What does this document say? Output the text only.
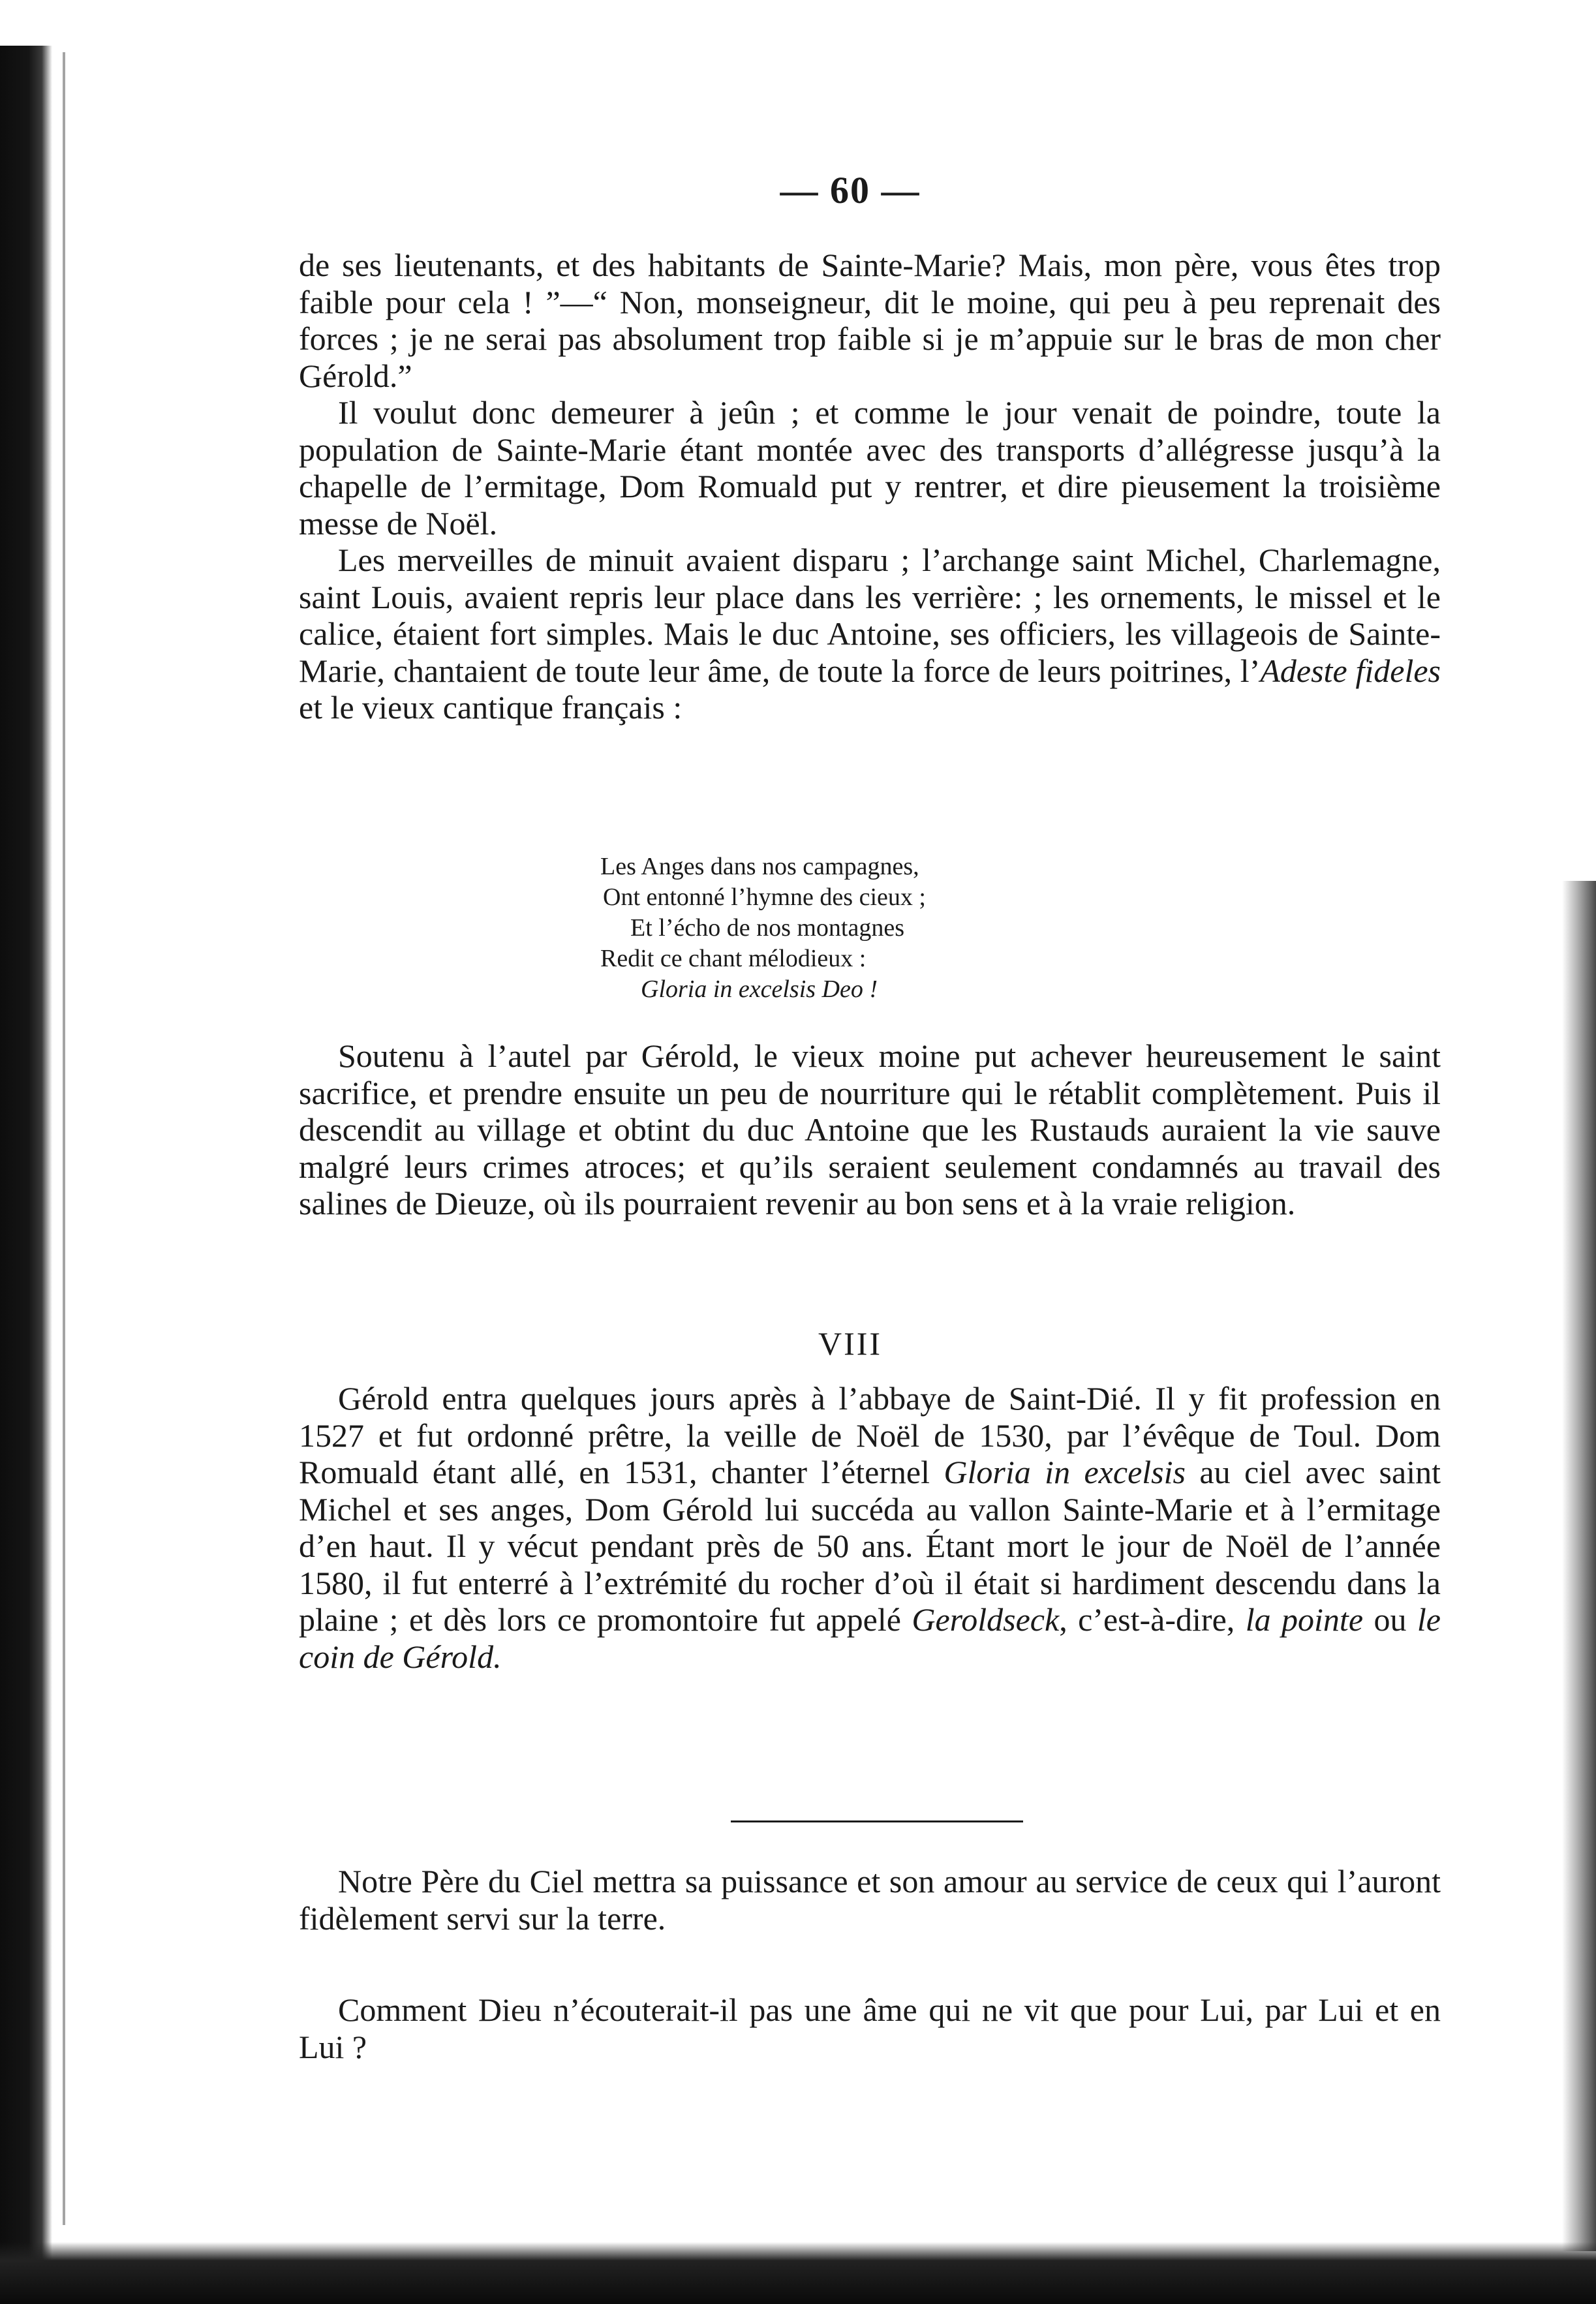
— 60 —

de ses lieutenants, et des habitants de Sainte-Marie? Mais, mon père, vous êtes trop faible pour cela ! ”—“ Non, monseigneur, dit le moine, qui peu à peu reprenait des forces ; je ne serai pas absolument trop faible si je m’appuie sur le bras de mon cher Gérold.”

Il voulut donc demeurer à jeûn ; et comme le jour venait de poindre, toute la population de Sainte-Marie étant montée avec des transports d’allégresse jusqu’à la chapelle de l’ermitage, Dom Romuald put y rentrer, et dire pieusement la troisième messe de Noël.

Les merveilles de minuit avaient disparu ; l’archange saint Michel, Charlemagne, saint Louis, avaient repris leur place dans les verrière: ; les ornements, le missel et le calice, étaient fort simples. Mais le duc Antoine, ses officiers, les villageois de Sainte-Marie, chantaient de toute leur âme, de toute la force de leurs poitrines, l’Adeste fideles et le vieux cantique français :

Les Anges dans nos campagnes,
Ont entonné l’hymne des cieux ;
Et l’écho de nos montagnes
Redit ce chant mélodieux :
Gloria in excelsis Deo !

Soutenu à l’autel par Gérold, le vieux moine put achever heureusement le saint sacrifice, et prendre ensuite un peu de nourriture qui le rétablit complètement. Puis il descendit au village et obtint du duc Antoine que les Rustauds auraient la vie sauve malgré leurs crimes atroces; et qu’ils seraient seulement condamnés au travail des salines de Dieuze, où ils pourraient revenir au bon sens et à la vraie religion.

VIII

Gérold entra quelques jours après à l’abbaye de Saint-Dié. Il y fit profession en 1527 et fut ordonné prêtre, la veille de Noël de 1530, par l’évêque de Toul. Dom Romuald étant allé, en 1531, chanter l’éternel Gloria in excelsis au ciel avec saint Michel et ses anges, Dom Gérold lui succéda au vallon Sainte-Marie et à l’ermitage d’en haut. Il y vécut pendant près de 50 ans. Étant mort le jour de Noël de l’année 1580, il fut enterré à l’extrémité du rocher d’où il était si hardiment descendu dans la plaine ; et dès lors ce promontoire fut appelé Geroldseck, c’est-à-dire, la pointe ou le coin de Gérold.

Notre Père du Ciel mettra sa puissance et son amour au service de ceux qui l’auront fidèlement servi sur la terre.

Comment Dieu n’écouterait-il pas une âme qui ne vit que pour Lui, par Lui et en Lui ?
